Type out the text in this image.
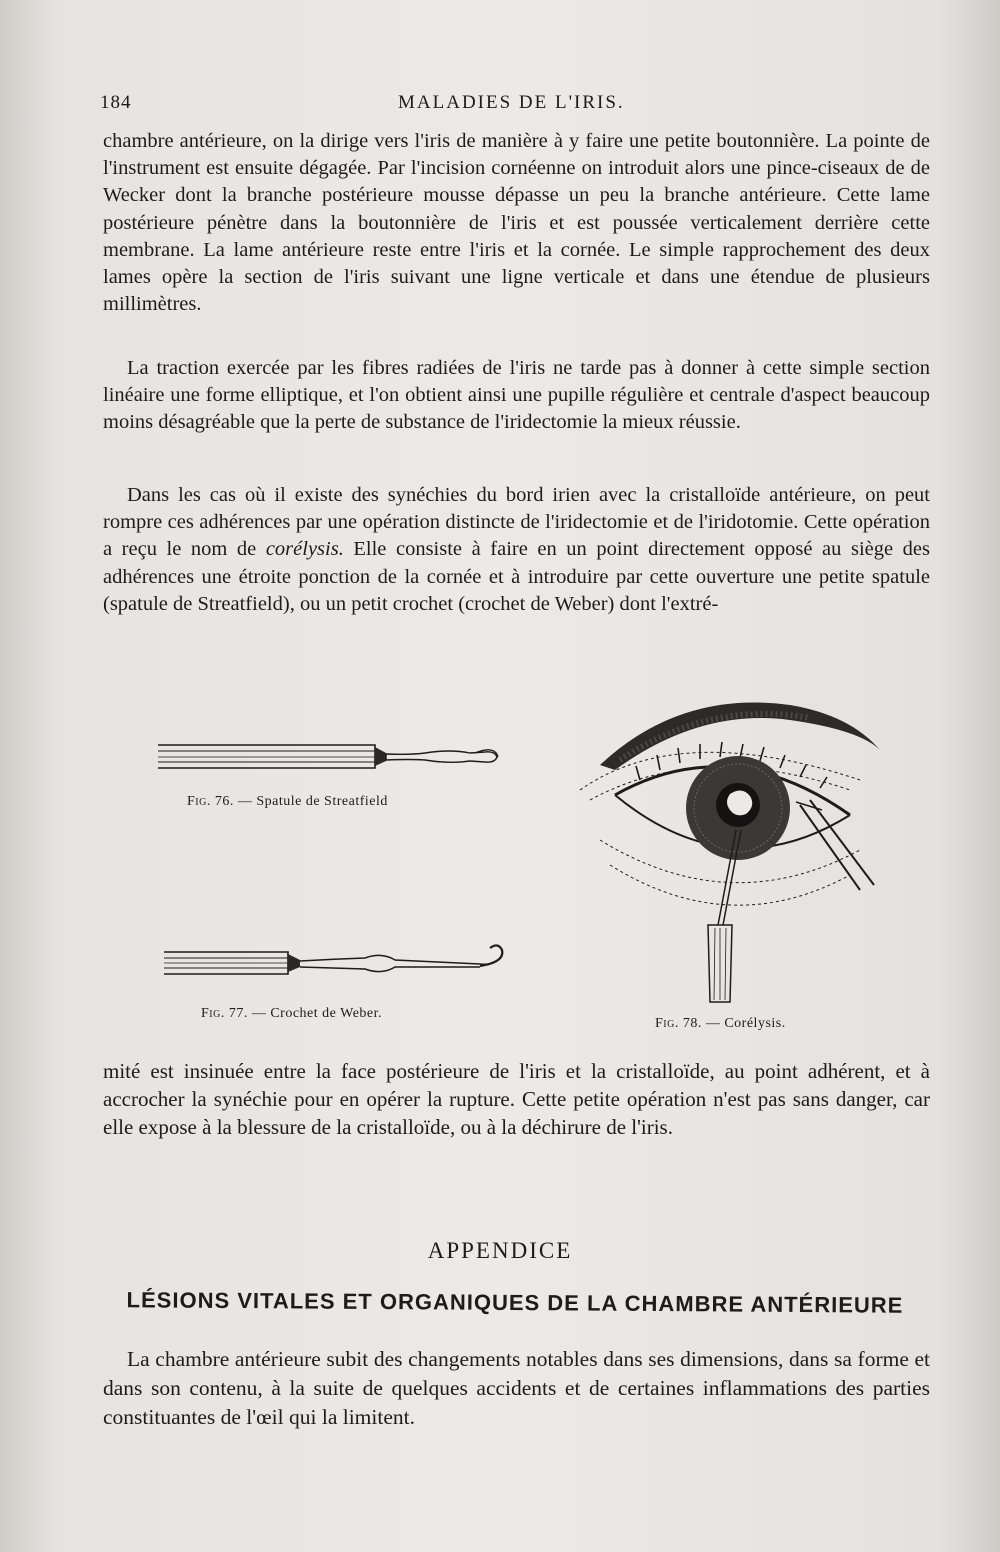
184	MALADIES DE L'IRIS.
chambre antérieure, on la dirige vers l'iris de manière à y faire une petite boutonnière. La pointe de l'instrument est ensuite dégagée. Par l'incision cornéenne on introduit alors une pince-ciseaux de de Wecker dont la branche postérieure mousse dépasse un peu la branche antérieure. Cette lame postérieure pénètre dans la boutonnière de l'iris et est poussée verticalement derrière cette membrane. La lame antérieure reste entre l'iris et la cornée. Le simple rapprochement des deux lames opère la section de l'iris suivant une ligne verticale et dans une étendue de plusieurs millimètres.
La traction exercée par les fibres radiées de l'iris ne tarde pas à donner à cette simple section linéaire une forme elliptique, et l'on obtient ainsi une pupille régulière et centrale d'aspect beaucoup moins désagréable que la perte de substance de l'iridectomie la mieux réussie.
Dans les cas où il existe des synéchies du bord irien avec la cristalloïde antérieure, on peut rompre ces adhérences par une opération distincte de l'iridectomie et de l'iridotomie. Cette opération a reçu le nom de corélysis. Elle consiste à faire en un point directement opposé au siège des adhérences une étroite ponction de la cornée et à introduire par cette ouverture une petite spatule (spatule de Streatfield), ou un petit crochet (crochet de Weber) dont l'extré-
Fig. 76. — Spatule de Streatfield
Fig. 77. — Crochet de Weber.
Fig. 78. — Corélysis.
mité est insinuée entre la face postérieure de l'iris et la cristalloïde, au point adhérent, et à accrocher la synéchie pour en opérer la rupture. Cette petite opération n'est pas sans danger, car elle expose à la blessure de la cristalloïde, ou à la déchirure de l'iris.
APPENDICE
LÉSIONS VITALES ET ORGANIQUES DE LA CHAMBRE ANTÉRIEURE
La chambre antérieure subit des changements notables dans ses dimensions, dans sa forme et dans son contenu, à la suite de quelques accidents et de certaines inflammations des parties constituantes de l'œil qui la limitent.
